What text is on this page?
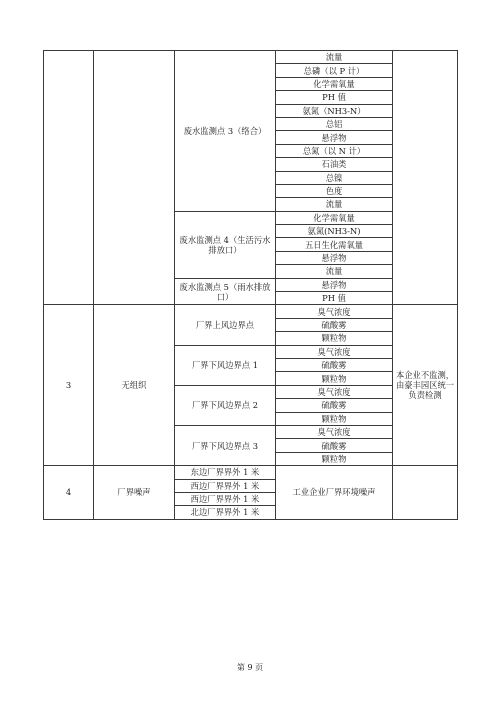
		废水监测点 3（络合）	流量	
			总磷（以 P 计）	
			化学需氧量	
			PH 值	
			氨氮（NH3-N）	
			总铝	
			悬浮物	
			总氮（以 N 计）	
			石油类	
			总镍	
			色度	
			流量	
		废水监测点 4（生活污水排放口）	化学需氧量	
			氨氮(NH3-N)	
			五日生化需氧量	
			悬浮物	
			流量	
		废水监测点 5（雨水排放口）	悬浮物	
			PH 值	
3	无组织	厂界上风边界点	臭气浓度	本企业不监测，由豪丰园区统一负责检测
			硫酸雾	
			颗粒物	
		厂界下风边界点 1	臭气浓度	
			硫酸雾	
			颗粒物	
		厂界下风边界点 2	臭气浓度	
			硫酸雾	
			颗粒物	
		厂界下风边界点 3	臭气浓度	
			硫酸雾	
			颗粒物	
4	厂界噪声	东边厂界界外 1 米	工业企业厂界环境噪声	
		西边厂界界外 1 米		
		西边厂界界外 1 米		
		北边厂界界外 1 米		
第 9 页
